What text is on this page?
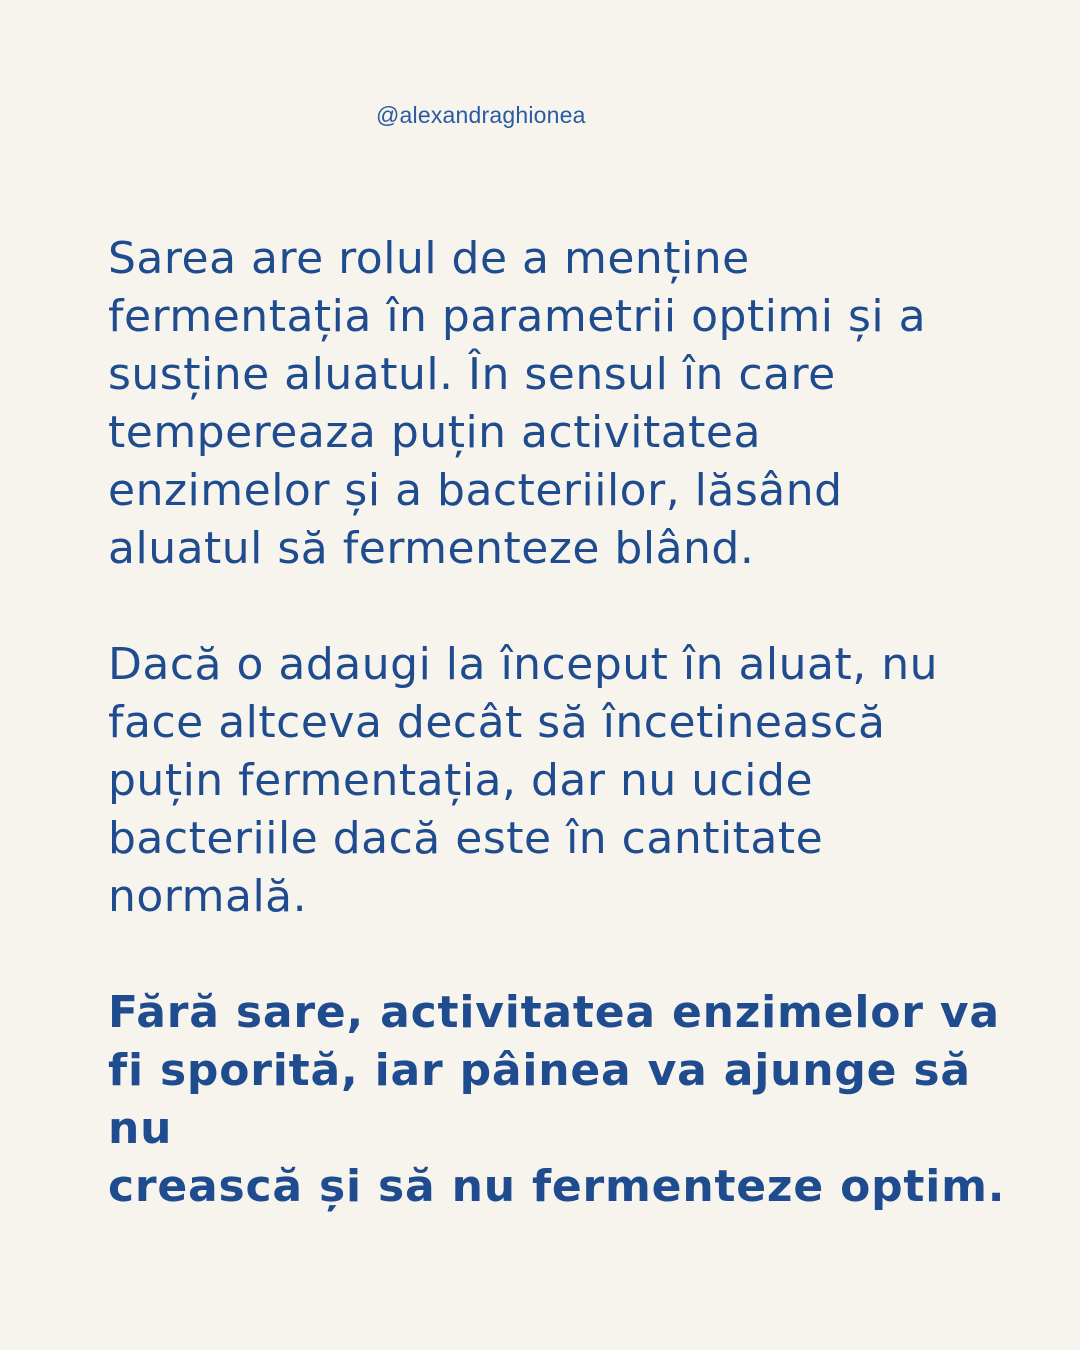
@alexandraghionea

Sarea are rolul de a menține
fermentația în parametrii optimi și a
susține aluatul. În sensul în care
tempereaza puțin activitatea
enzimelor și a bacteriilor, lăsând
aluatul să fermenteze blând.

Dacă o adaugi la început în aluat, nu
face altceva decât să încetinească
puțin fermentația, dar nu ucide
bacteriile dacă este în cantitate
normală.

Fără sare, activitatea enzimelor va
fi sporită, iar pâinea va ajunge să nu
crească și să nu fermenteze optim.
